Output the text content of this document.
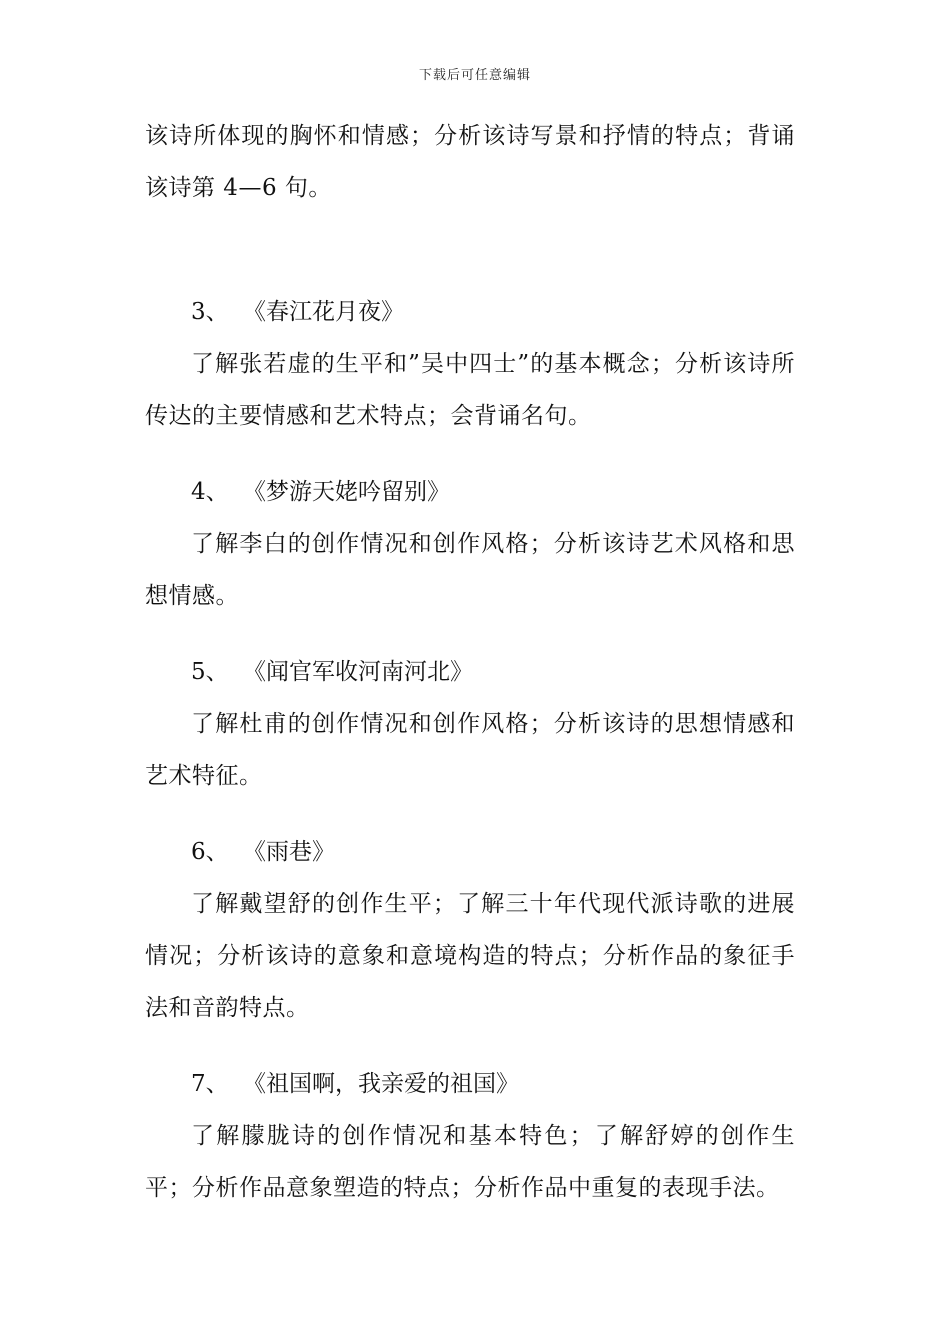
下载后可任意编辑

该诗所体现的胸怀和情感；分析该诗写景和抒情的特点；背诵该诗第 4—6 句。

3、 《春江花月夜》

了解张若虚的生平和”吴中四士”的基本概念；分析该诗所传达的主要情感和艺术特点；会背诵名句。

4、 《梦游天姥吟留别》

了解李白的创作情况和创作风格；分析该诗艺术风格和思想情感。

5、 《闻官军收河南河北》

了解杜甫的创作情况和创作风格；分析该诗的思想情感和艺术特征。

6、 《雨巷》

了解戴望舒的创作生平；了解三十年代现代派诗歌的进展情况；分析该诗的意象和意境构造的特点；分析作品的象征手法和音韵特点。

7、 《祖国啊，我亲爱的祖国》

了解朦胧诗的创作情况和基本特色；了解舒婷的创作生平；分析作品意象塑造的特点；分析作品中重复的表现手法。
